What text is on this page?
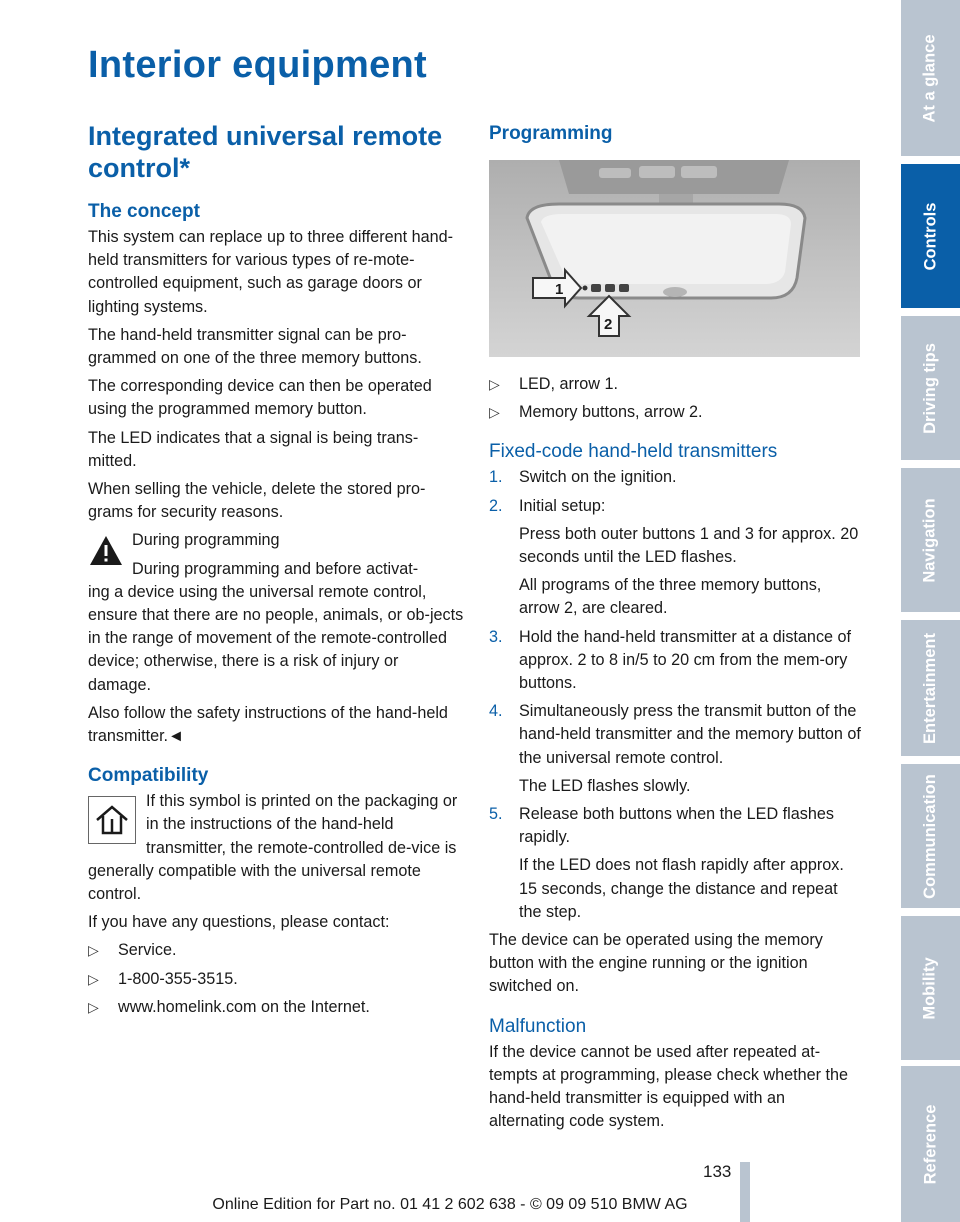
Interior equipment
Integrated universal remote control*
The concept

This system can replace up to three different hand-held transmitters for various types of re-mote-controlled equipment, such as garage doors or lighting systems.

The hand-held transmitter signal can be pro-grammed on one of the three memory buttons.

The corresponding device can then be operated using the programmed memory button.

The LED indicates that a signal is being trans-mitted.

When selling the vehicle, delete the stored pro-grams for security reasons.

During programming

During programming and before activat-

ing a device using the universal remote control, ensure that there are no people, animals, or ob-jects in the range of movement of the remote-controlled device; otherwise, there is a risk of injury or damage.

Also follow the safety instructions of the hand-held transmitter.◄

Compatibility

If this symbol is printed on the packaging or in the instructions of the hand-held transmitter, the remote-controlled de-vice is generally compatible with the universal remote control.

If you have any questions, please contact:

▷ Service.
▷ 1-800-355-3515.
▷ www.homelink.com on the Internet.
Programming
1
2
▷ LED, arrow 1.
▷ Memory buttons, arrow 2.
Fixed-code hand-held transmitters
1. Switch on the ignition.
2. Initial setup:

Press both outer buttons 1 and 3 for approx. 20 seconds until the LED flashes.

All programs of the three memory buttons, arrow 2, are cleared.

3. Hold the hand-held transmitter at a distance of approx. 2 to 8 in/5 to 20 cm from the mem-ory buttons.
4. Simultaneously press the transmit button of the hand-held transmitter and the memory button of the universal remote control.

The LED flashes slowly.

5. Release both buttons when the LED flashes rapidly.

If the LED does not flash rapidly after approx. 15 seconds, change the distance and repeat the step.

The device can be operated using the memory button with the engine running or the ignition switched on.

Malfunction

If the device cannot be used after repeated at-tempts at programming, please check whether the hand-held transmitter is equipped with an alternating code system.

At a glance
Controls
Driving tips
Navigation
Entertainment
Communication
Mobility
Reference
133
Online Edition for Part no. 01 41 2 602 638 - © 09 09 510 BMW AG
